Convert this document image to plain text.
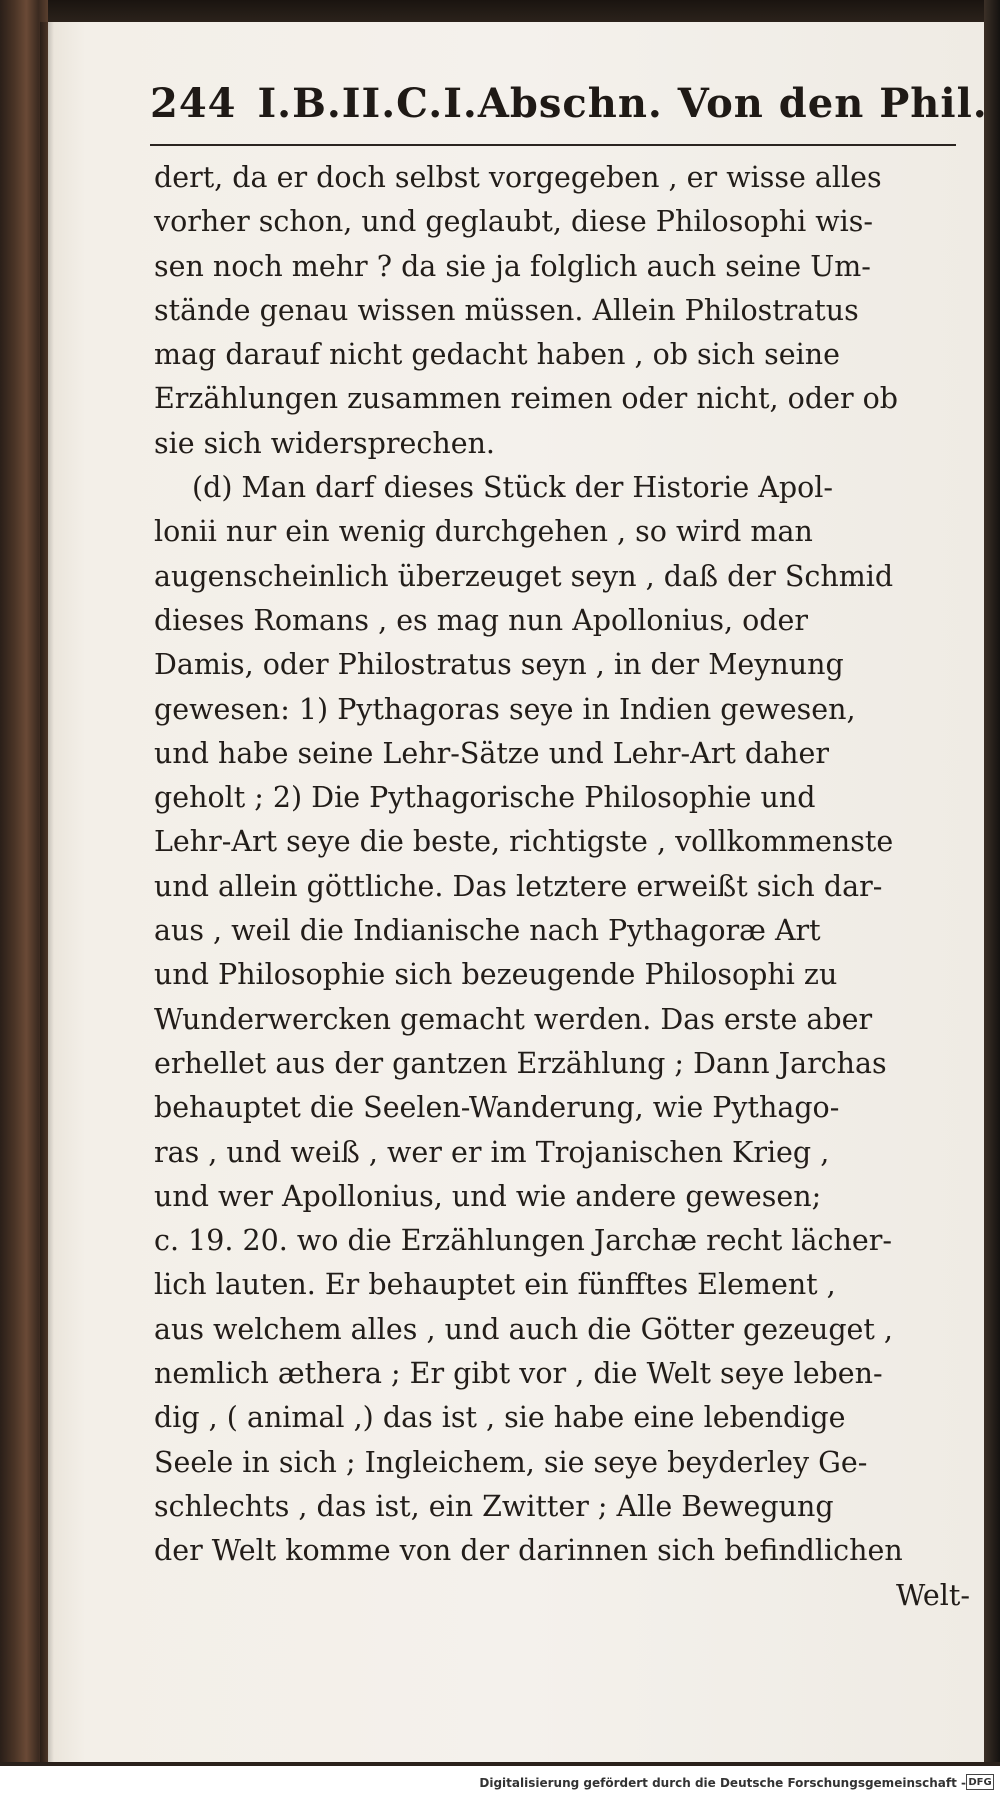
244 I.B.II.C.I.Abschn. Von den Phil.
dert, da er doch selbst vorgegeben , er wisse alles
vorher schon, und geglaubt, diese Philosophi wis-
sen noch mehr ? da sie ja folglich auch seine Um-
stände genau wissen müssen. Allein Philostratus
mag darauf nicht gedacht haben , ob sich seine
Erzählungen zusammen reimen oder nicht, oder ob
sie sich widersprechen.
(d) Man darf dieses Stück der Historie Apol-
lonii nur ein wenig durchgehen , so wird man
augenscheinlich überzeuget seyn , daß der Schmid
dieses Romans , es mag nun Apollonius, oder
Damis, oder Philostratus seyn , in der Meynung
gewesen: 1) Pythagoras seye in Indien gewesen,
und habe seine Lehr-Sätze und Lehr-Art daher
geholt ; 2) Die Pythagorische Philosophie und
Lehr-Art seye die beste, richtigste , vollkommenste
und allein göttliche. Das letztere erweißt sich dar-
aus , weil die Indianische nach Pythagoræ Art
und Philosophie sich bezeugende Philosophi zu
Wunderwercken gemacht werden. Das erste aber
erhellet aus der gantzen Erzählung ; Dann Jarchas
behauptet die Seelen-Wanderung, wie Pythago-
ras , und weiß , wer er im Trojanischen Krieg ,
und wer Apollonius, und wie andere gewesen;
c. 19. 20. wo die Erzählungen Jarchæ recht lächer-
lich lauten. Er behauptet ein fünfftes Element ,
aus welchem alles , und auch die Götter gezeuget ,
nemlich æthera ; Er gibt vor , die Welt seye leben-
dig , ( animal ,) das ist , sie habe eine lebendige
Seele in sich ; Ingleichem, sie seye beyderley Ge-
schlechts , das ist, ein Zwitter ; Alle Bewegung
der Welt komme von der darinnen sich befindlichen
Welt-
Digitalisierung gefördert durch die Deutsche Forschungsgemeinschaft - DFG
